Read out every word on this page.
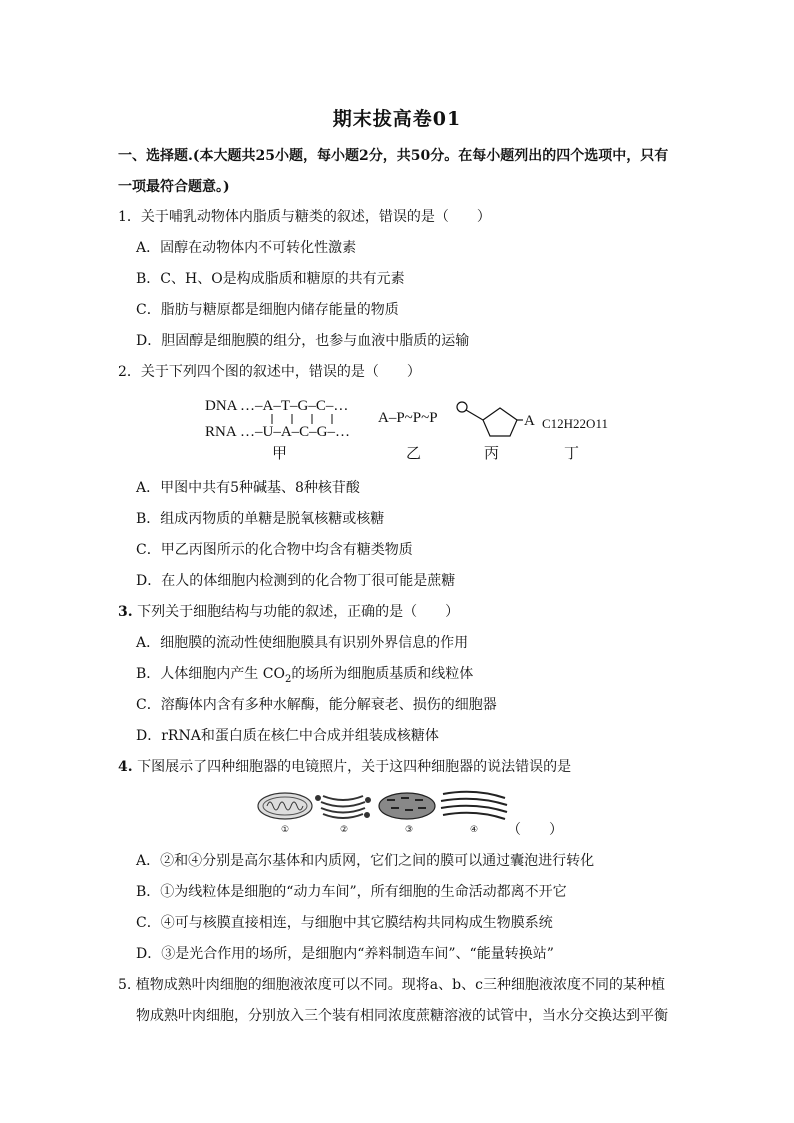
期末拔高卷01
一、选择题.(本大题共25小题，每小题2分，共50分。在每小题列出的四个选项中，只有
一项最符合题意。)
1．关于哺乳动物体内脂质与糖类的叙述，错误的是（　　）
A．固醇在动物体内不可转化性激素
B．C、H、O是构成脂质和糖原的共有元素
C．脂肪与糖原都是细胞内储存能量的物质
D．胆固醇是细胞膜的组分，也参与血液中脂质的运输
2．关于下列四个图的叙述中，错误的是（　　）
DNA …–A–T–G–C–…
RNA …–U–A–C–G–…
A–P~P~P	A C12H22O11
甲	乙	丙	丁
A．甲图中共有5种碱基、8种核苷酸
B．组成丙物质的单糖是脱氧核糖或核糖
C．甲乙丙图所示的化合物中均含有糖类物质
D．在人的体细胞内检测到的化合物丁很可能是蔗糖
3. 下列关于细胞结构与功能的叙述，正确的是（　　）
A．细胞膜的流动性使细胞膜具有识别外界信息的作用
B．人体细胞内产生 $CO_2$的场所为细胞质基质和线粒体
C．溶酶体内含有多种水解酶，能分解衰老、损伤的细胞器
D．rRNA和蛋白质在核仁中合成并组装成核糖体
4. 下图展示了四种细胞器的电镜照片，关于这四种细胞器的说法错误的是
①	②	③	④ （　　）
A．②和④分别是高尔基体和内质网，它们之间的膜可以通过囊泡进行转化
B．①为线粒体是细胞的“动力车间”，所有细胞的生命活动都离不开它
C．④可与核膜直接相连，与细胞中其它膜结构共同构成生物膜系统
D．③是光合作用的场所，是细胞内“养料制造车间”、“能量转换站”
5. 植物成熟叶肉细胞的细胞液浓度可以不同。现将a、b、c三种细胞液浓度不同的某种植
物成熟叶肉细胞，分别放入三个装有相同浓度蔗糖溶液的试管中，当水分交换达到平衡
